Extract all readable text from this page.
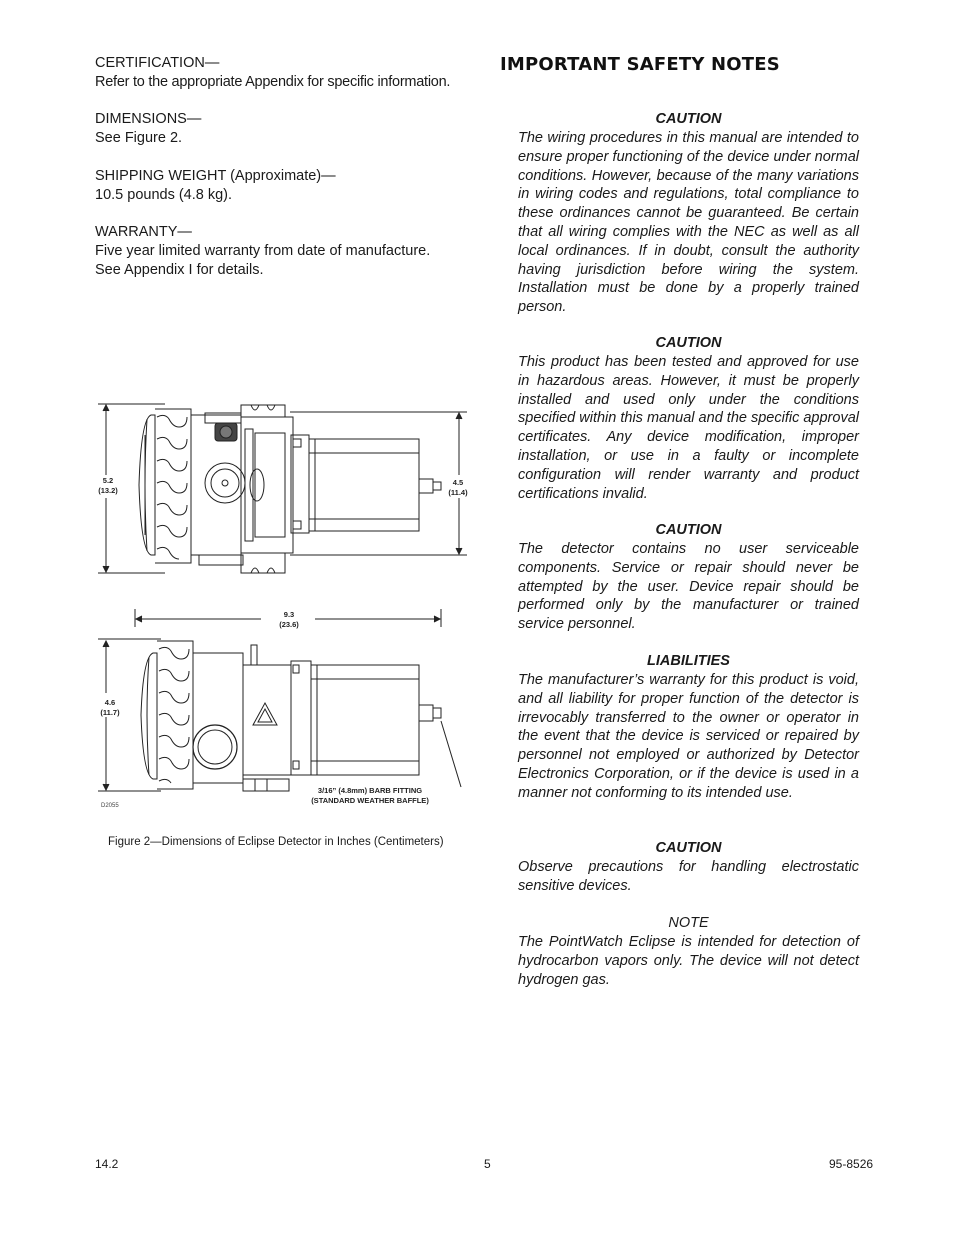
CERTIFICATION—
Refer to the appropriate Appendix for specific information.
DIMENSIONS—
See Figure 2.
SHIPPING WEIGHT (Approximate)—
10.5 pounds (4.8 kg).
WARRANTY—
Five year limited warranty from date of manufacture.
See Appendix I for details.
5.2
(13.2)
4.5
(11.4)
9.3
(23.6)
4.6
(11.7)
3/16” (4.8mm) BARB FITTING
(STANDARD WEATHER BAFFLE)
D2055
Figure 2—Dimensions of Eclipse Detector in Inches (Centimeters)
IMPORTANT SAFETY NOTES
CAUTION
The wiring procedures in this manual are intended to ensure proper functioning of the device under normal conditions. However, because of the many variations in wiring codes and regulations, total compliance to these ordinances cannot be guaranteed. Be certain that all wiring complies with the NEC as well as all local ordinances. If in doubt, consult the authority having jurisdiction before wiring the system. Installation must be done by a properly trained person.
CAUTION
This product has been tested and approved for use in hazardous areas. However, it must be properly installed and used only under the conditions specified within this manual and the specific approval certificates. Any device modification, improper installation, or use in a faulty or incomplete configuration will render warranty and product certifications invalid.
CAUTION
The detector contains no user serviceable components. Service or repair should never be attempted by the user. Device repair should be performed only by the manufacturer or trained service personnel.
LIABILITIES
The manufacturer’s warranty for this product is void, and all liability for proper function of the detector is irrevocably transferred to the owner or operator in the event that the device is serviced or repaired by personnel not employed or authorized by Detector Electronics Corporation, or if the device is used in a manner not conforming to its intended use.
CAUTION
Observe precautions for handling electrostatic sensitive devices.
NOTE
The PointWatch Eclipse is intended for detection of hydrocarbon vapors only. The device will not detect hydrogen gas.
14.2	5	95-8526
